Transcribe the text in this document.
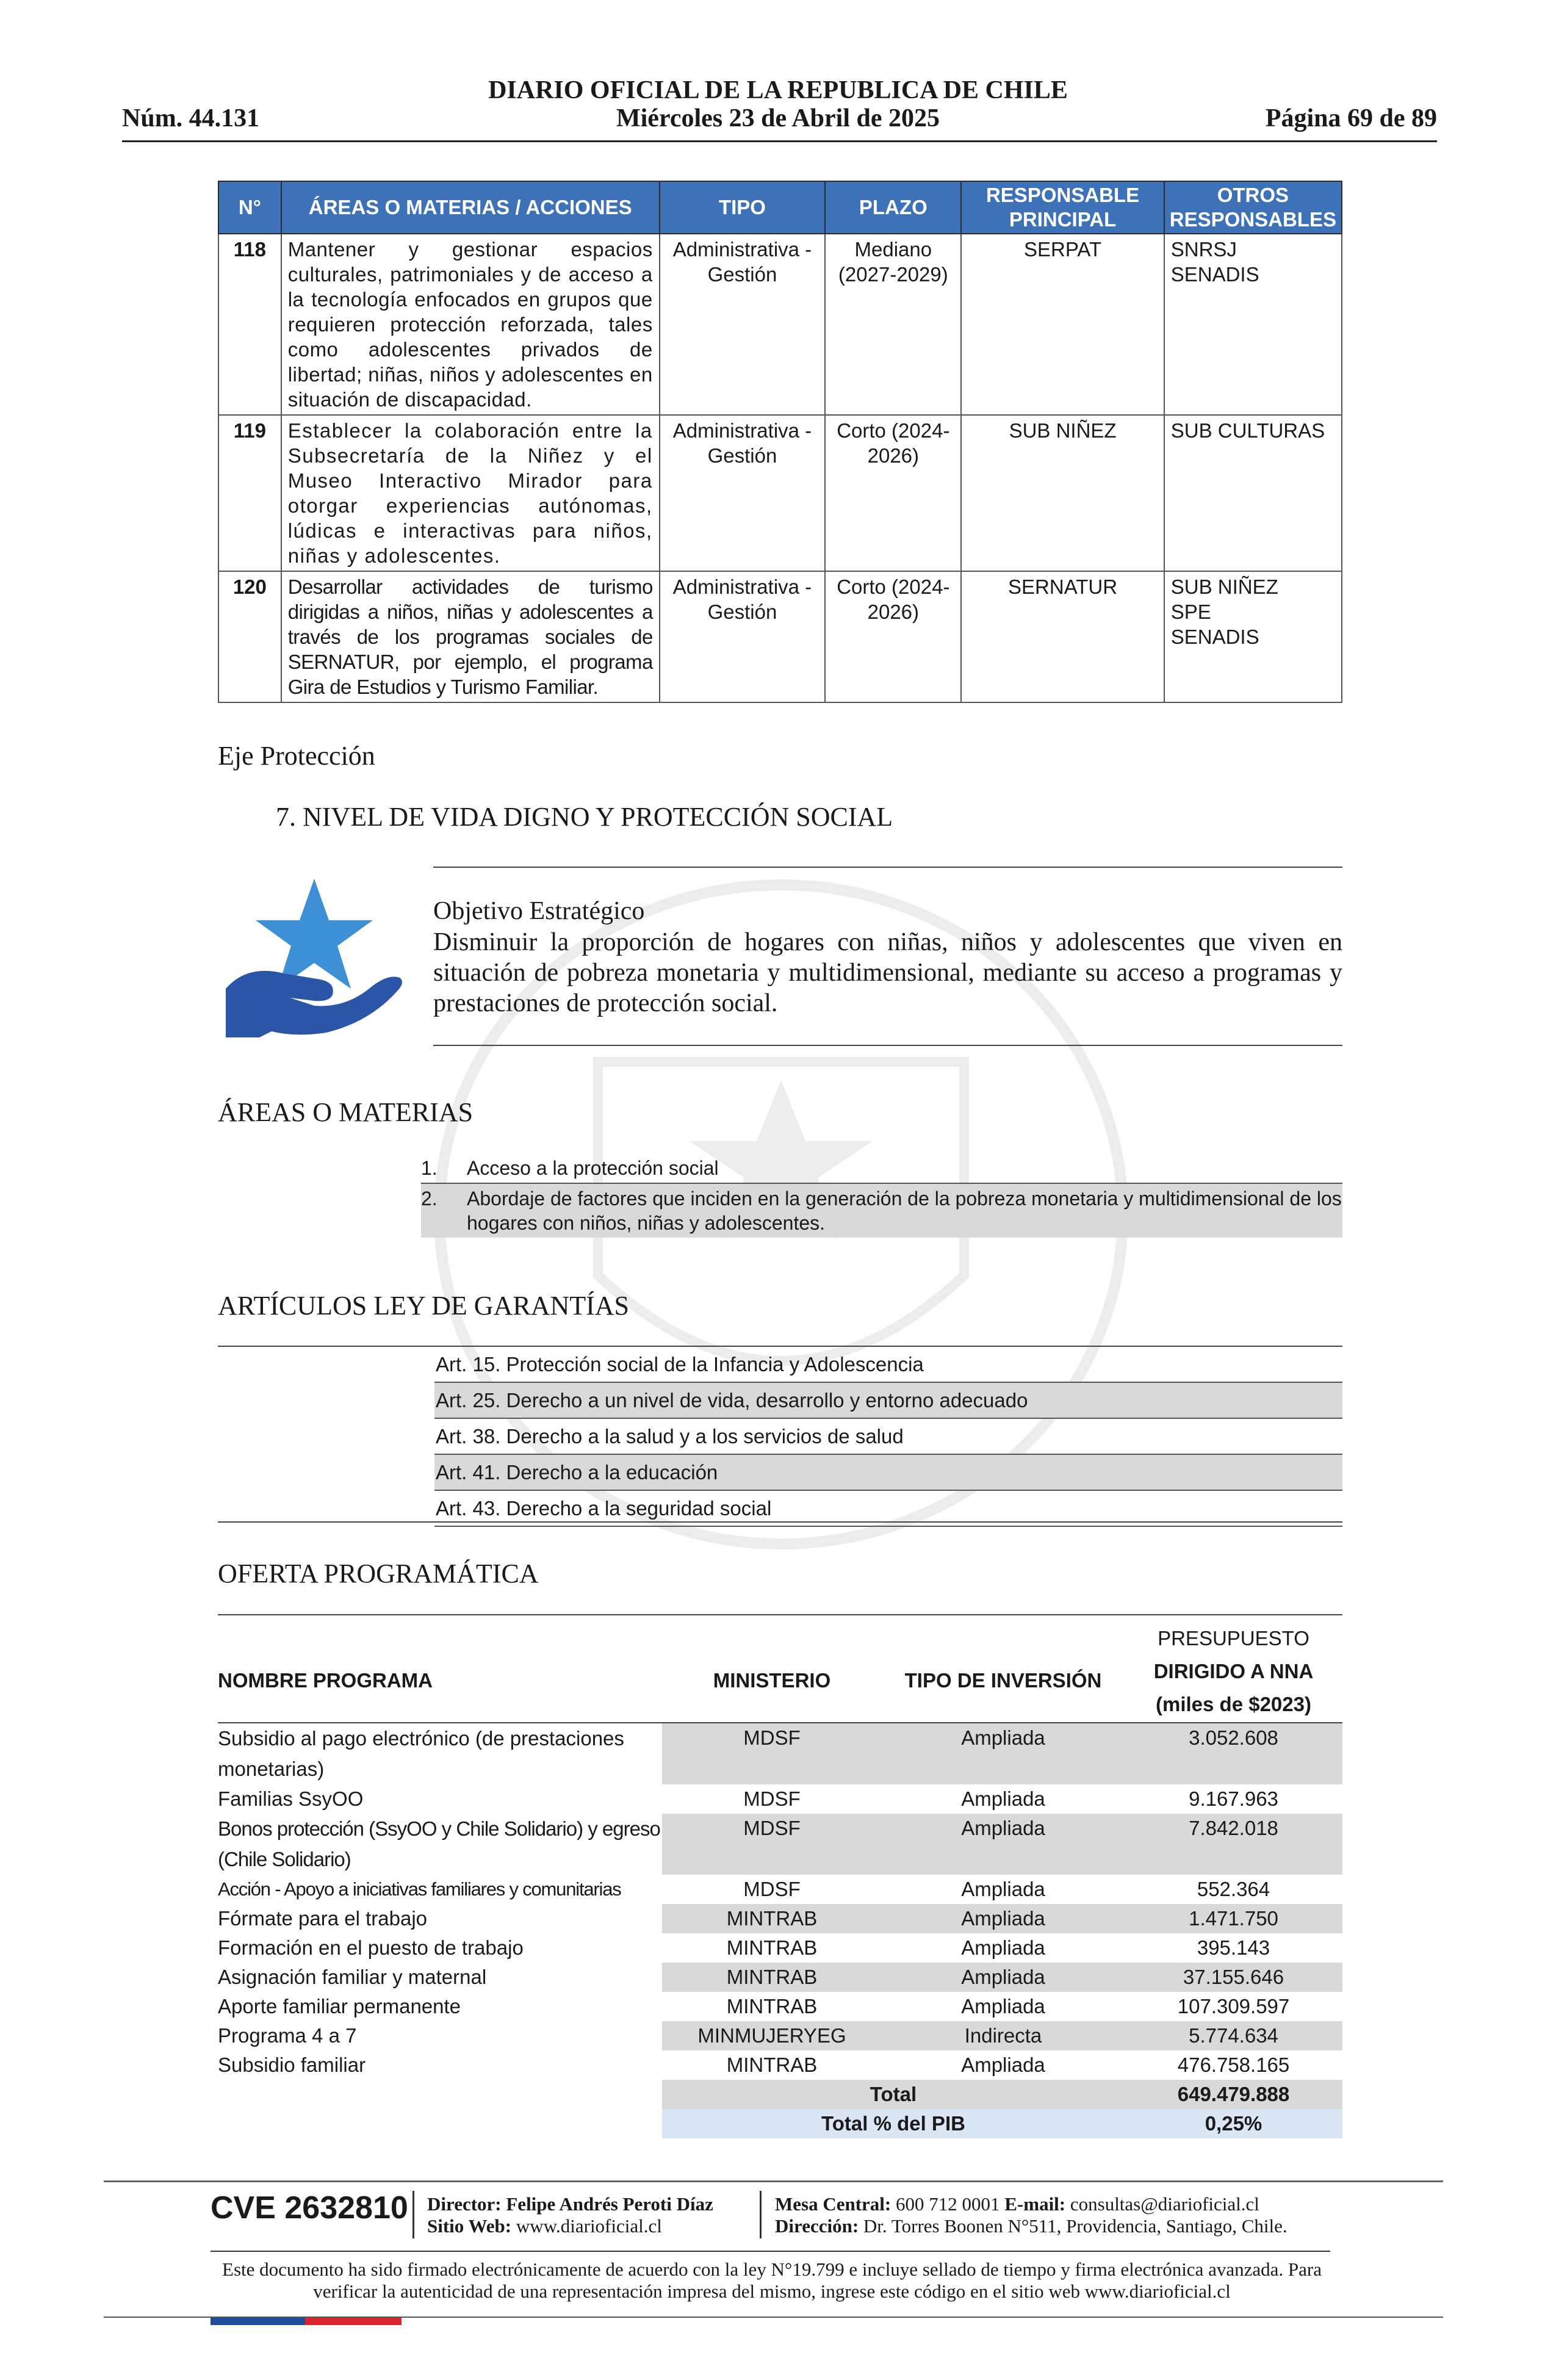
DIARIO OFICIAL DE LA REPUBLICA DE CHILE
Núm. 44.131	Miércoles 23 de Abril de 2025	Página 69 de 89
N°	ÁREAS O MATERIAS / ACCIONES	TIPO	PLAZO	RESPONSABLE PRINCIPAL	OTROS RESPONSABLES
118	Mantener y gestionar espacios culturales, patrimoniales y de acceso a la tecnología enfocados en grupos que requieren protección reforzada, tales como adolescentes privados de libertad; niñas, niños y adolescentes en situación de discapacidad.	Administrativa - Gestión	Mediano (2027-2029)	SERPAT	SNRSJ
SENADIS
119	Establecer la colaboración entre la Subsecretaría de la Niñez y el Museo Interactivo Mirador para otorgar experiencias autónomas, lúdicas e interactivas para niños, niñas y adolescentes.	Administrativa - Gestión	Corto (2024-2026)	SUB NIÑEZ	SUB CULTURAS
120	Desarrollar actividades de turismo dirigidas a niños, niñas y adolescentes a través de los programas sociales de SERNATUR, por ejemplo, el programa Gira de Estudios y Turismo Familiar.	Administrativa - Gestión	Corto (2024-2026)	SERNATUR	SUB NIÑEZ
SPE
SENADIS
Eje Protección
7. NIVEL DE VIDA DIGNO Y PROTECCIÓN SOCIAL
Objetivo Estratégico
Disminuir la proporción de hogares con niñas, niños y adolescentes que viven en situación de pobreza monetaria y multidimensional, mediante su acceso a programas y prestaciones de protección social.
ÁREAS O MATERIAS
1.	Acceso a la protección social
2.	Abordaje de factores que inciden en la generación de la pobreza monetaria y multidimensional de los hogares con niños, niñas y adolescentes.
ARTÍCULOS LEY DE GARANTÍAS
Art. 15. Protección social de la Infancia y Adolescencia
Art. 25. Derecho a un nivel de vida, desarrollo y entorno adecuado
Art. 38. Derecho a la salud y a los servicios de salud
Art. 41. Derecho a la educación
Art. 43. Derecho a la seguridad social
OFERTA PROGRAMÁTICA
NOMBRE PROGRAMA	MINISTERIO	TIPO DE INVERSIÓN	PRESUPUESTO
DIRIGIDO A NNA
(miles de $2023)

Subsidio al pago electrónico (de prestaciones monetarias)	MDSF	Ampliada	3.052.608
Familias SsyOO	MDSF	Ampliada	9.167.963
Bonos protección (SsyOO y Chile Solidario) y egreso (Chile Solidario)	MDSF	Ampliada	7.842.018
Acción - Apoyo a iniciativas familiares y comunitarias	MDSF	Ampliada	552.364
Fórmate para el trabajo	MINTRAB	Ampliada	1.471.750
Formación en el puesto de trabajo	MINTRAB	Ampliada	395.143
Asignación familiar y maternal	MINTRAB	Ampliada	37.155.646
Aporte familiar permanente	MINTRAB	Ampliada	107.309.597
Programa 4 a 7	MINMUJERYEG	Indirecta	5.774.634
Subsidio familiar	MINTRAB	Ampliada	476.758.165
	Total		649.479.888
	Total % del PIB		0,25%
CVE 2632810 Director: Felipe Andrés Peroti Díaz
Sitio Web: www.diarioficial.cl
Mesa Central: 600 712 0001 E-mail: consultas@diarioficial.cl
Dirección: Dr. Torres Boonen N°511, Providencia, Santiago, Chile.
Este documento ha sido firmado electrónicamente de acuerdo con la ley N°19.799 e incluye sellado de tiempo y firma electrónica avanzada. Para verificar la autenticidad de una representación impresa del mismo, ingrese este código en el sitio web www.diarioficial.cl
